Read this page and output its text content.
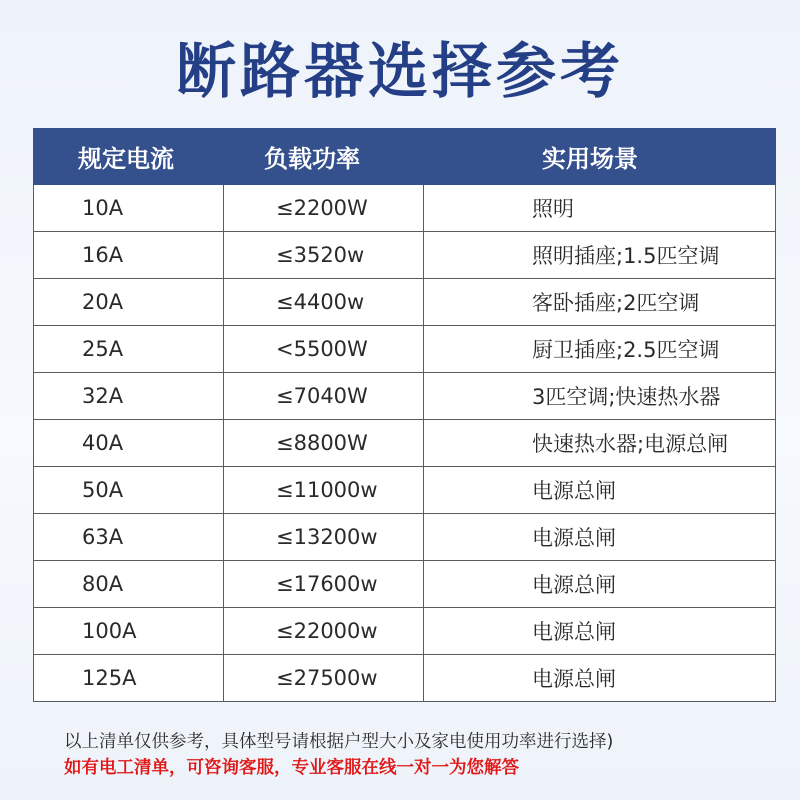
断路器选择参考
规定电流	负载功率	实用场景

10A	≤2200W	照明
16A	≤3520w	照明插座;1.5匹空调
20A	≤4400w	客卧插座;2匹空调
25A	<5500W	厨卫插座;2.5匹空调
32A	≤7040W	3匹空调;快速热水器
40A	≤8800W	快速热水器;电源总闸
50A	≤11000w	电源总闸
63A	≤13200w	电源总闸
80A	≤17600w	电源总闸
100A	≤22000w	电源总闸
125A	≤27500w	电源总闸
以上清单仅供参考，具体型号请根据户型大小及家电使用功率进行选择)
如有电工清单，可咨询客服，专业客服在线一对一为您解答
